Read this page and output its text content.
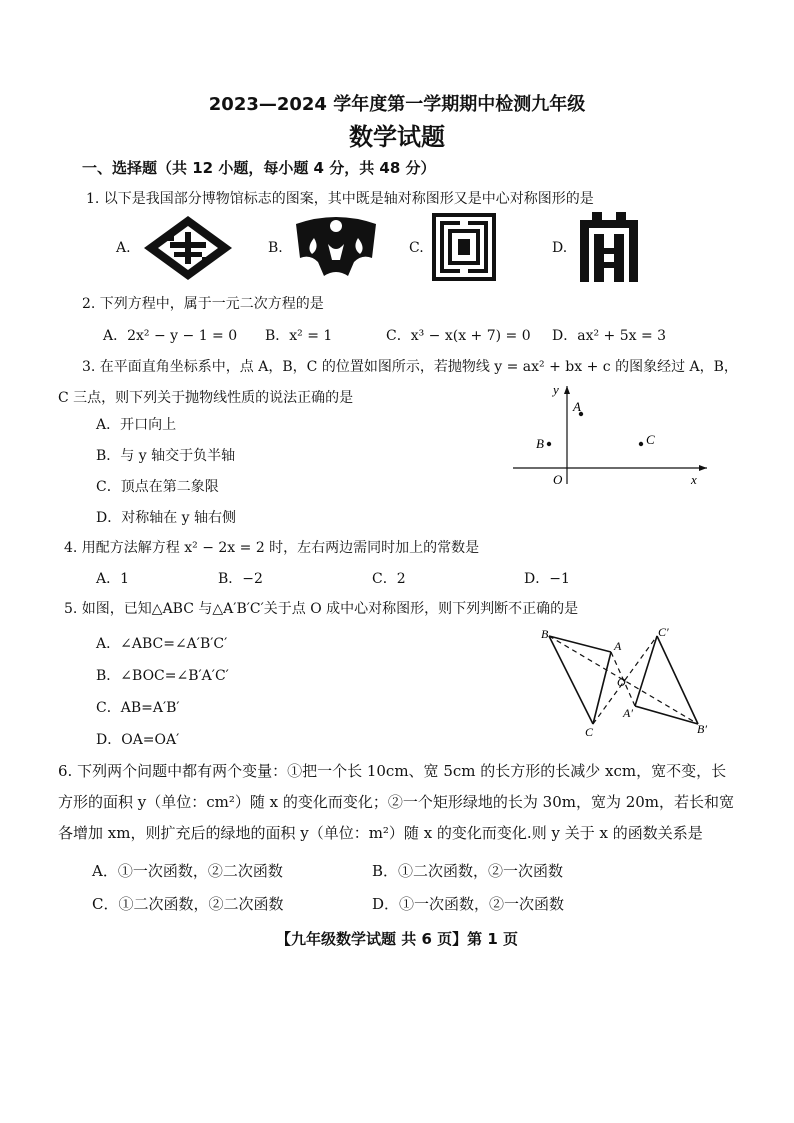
2023—2024 学年度第一学期期中检测九年级
数学试题
一、选择题（共 12 小题，每小题 4 分，共 48 分）
1. 以下是我国部分博物馆标志的图案，其中既是轴对称图形又是中心对称图形的是
A.	B.	C.	D.
2. 下列方程中，属于一元二次方程的是
A．2x² − y − 1 = 0 B．x² = 1	C．x³ − x(x + 7) = 0 D．ax² + 5x = 3
3. 在平面直角坐标系中，点 A，B，C 的位置如图所示，若抛物线 y = ax² + bx + c 的图象经过 A，B，
C 三点，则下列关于抛物线性质的说法正确的是
A．开口向上
B．与 y 轴交于负半轴
C．顶点在第二象限
D．对称轴在 y 轴右侧
y
x
O
A
B	C
4. 用配方法解方程 x² − 2x = 2 时，左右两边需同时加上的常数是
A．1	B．−2	C．2	D．−1
5. 如图，已知△ABC 与△A′B′C′关于点 O 成中心对称图形，则下列判断不正确的是
A．∠ABC=∠A′B′C′
B．∠BOC=∠B′A′C′
C．AB=A′B′
D．OA=OA′
B
A
C
C′
A′
B′
O
6. 下列两个问题中都有两个变量：①把一个长 10cm、宽 5cm 的长方形的长减少 xcm，宽不变，长
方形的面积 y（单位：cm²）随 x 的变化而变化；②一个矩形绿地的长为 30m，宽为 20m，若长和宽
各增加 xm，则扩充后的绿地的面积 y（单位：m²）随 x 的变化而变化.则 y 关于 x 的函数关系是
A．①一次函数，②二次函数	B．①二次函数，②一次函数
C．①二次函数，②二次函数	D．①一次函数，②一次函数
【九年级数学试题 共 6 页】第 1 页
